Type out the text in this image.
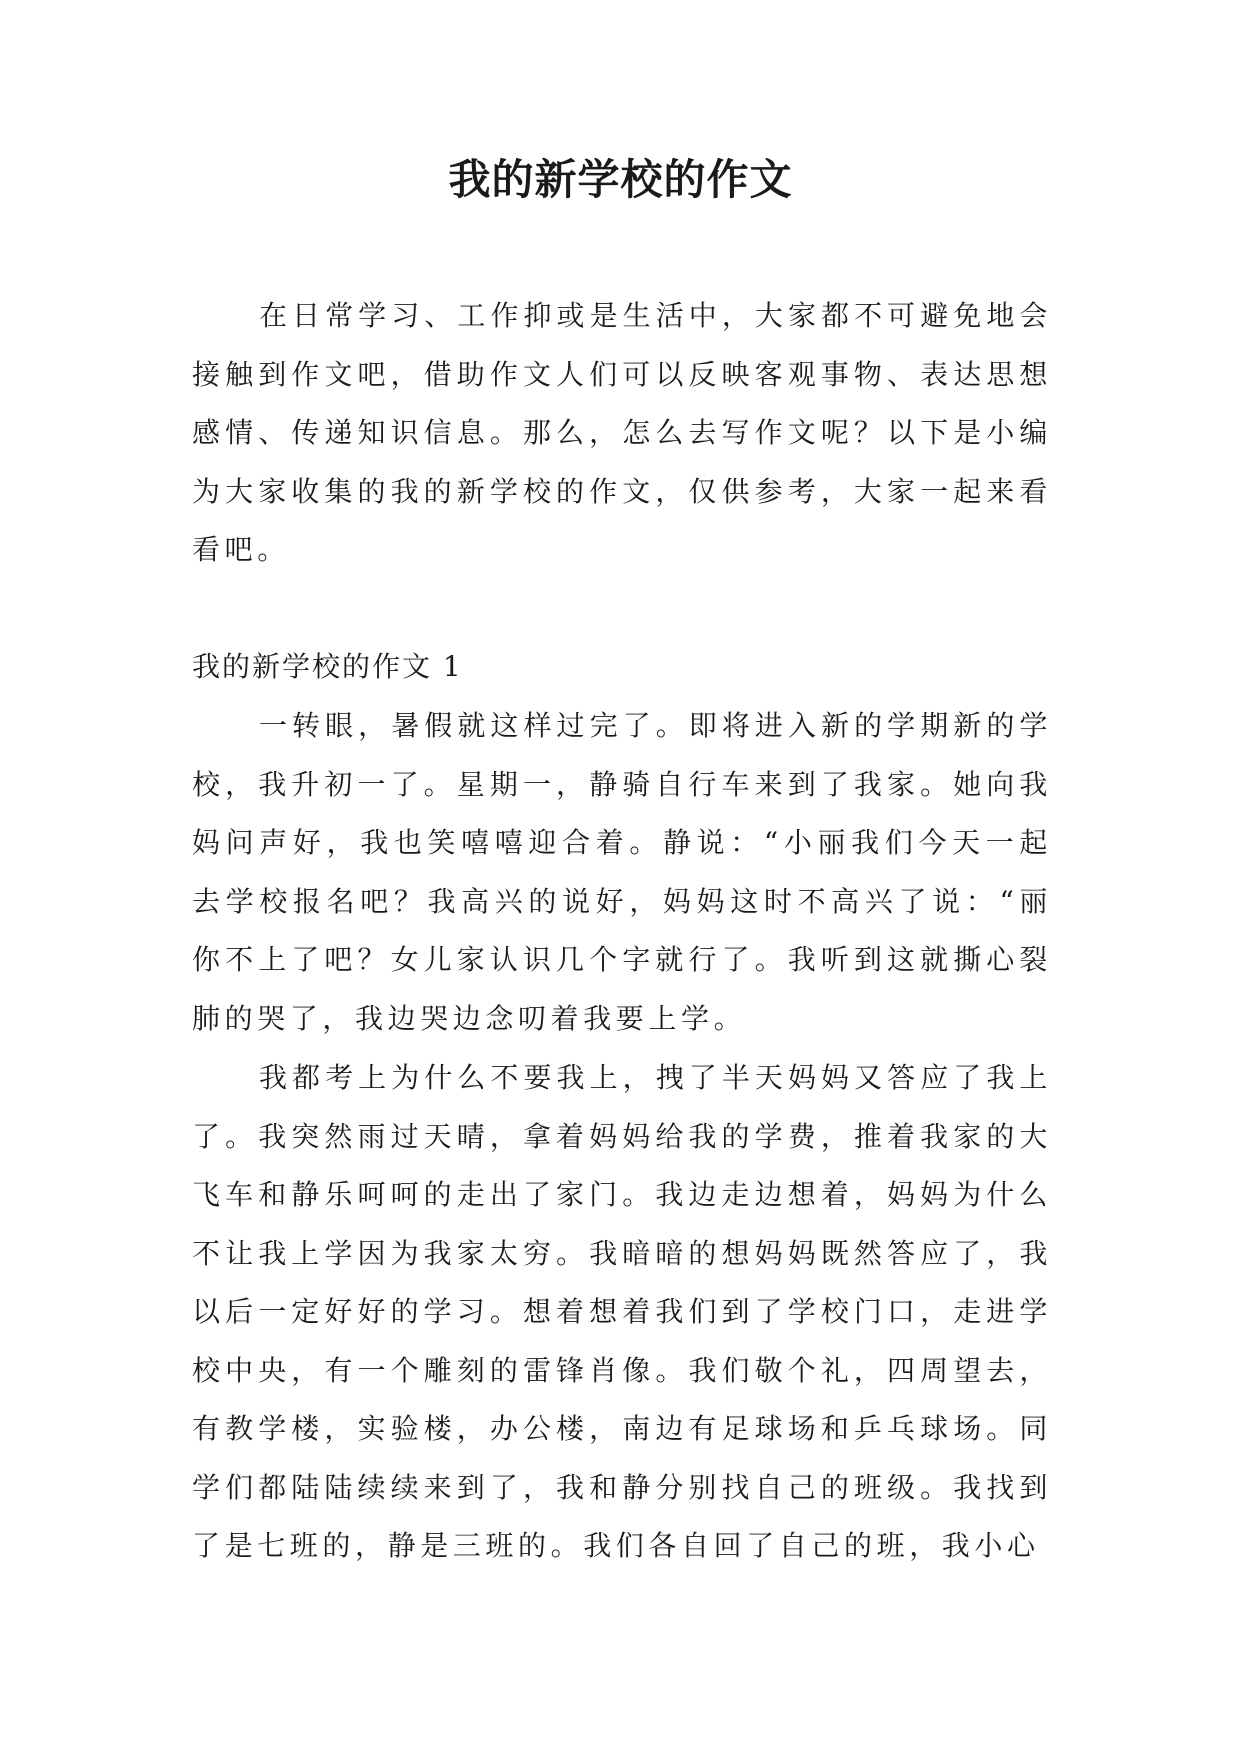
我的新学校的作文

在日常学习、工作抑或是生活中，大家都不可避免地会接触到作文吧，借助作文人们可以反映客观事物、表达思想感情、传递知识信息。那么，怎么去写作文呢？以下是小编为大家收集的我的新学校的作文，仅供参考，大家一起来看看吧。

我的新学校的作文 1

一转眼，暑假就这样过完了。即将进入新的学期新的学校，我升初一了。星期一，静骑自行车来到了我家。她向我妈问声好，我也笑嘻嘻迎合着。静说：“小丽我们今天一起去学校报名吧？我高兴的说好，妈妈这时不高兴了说：“丽你不上了吧？女儿家认识几个字就行了。我听到这就撕心裂肺的哭了，我边哭边念叨着我要上学。

我都考上为什么不要我上，拽了半天妈妈又答应了我上了。我突然雨过天晴，拿着妈妈给我的学费，推着我家的大飞车和静乐呵呵的走出了家门。我边走边想着，妈妈为什么不让我上学因为我家太穷。我暗暗的想妈妈既然答应了，我以后一定好好的学习。想着想着我们到了学校门口，走进学校中央，有一个雕刻的雷锋肖像。我们敬个礼，四周望去，有教学楼，实验楼，办公楼，南边有足球场和乒乓球场。同学们都陆陆续续来到了，我和静分别找自己的班级。我找到了是七班的，静是三班的。我们各自回了自己的班，我小心
